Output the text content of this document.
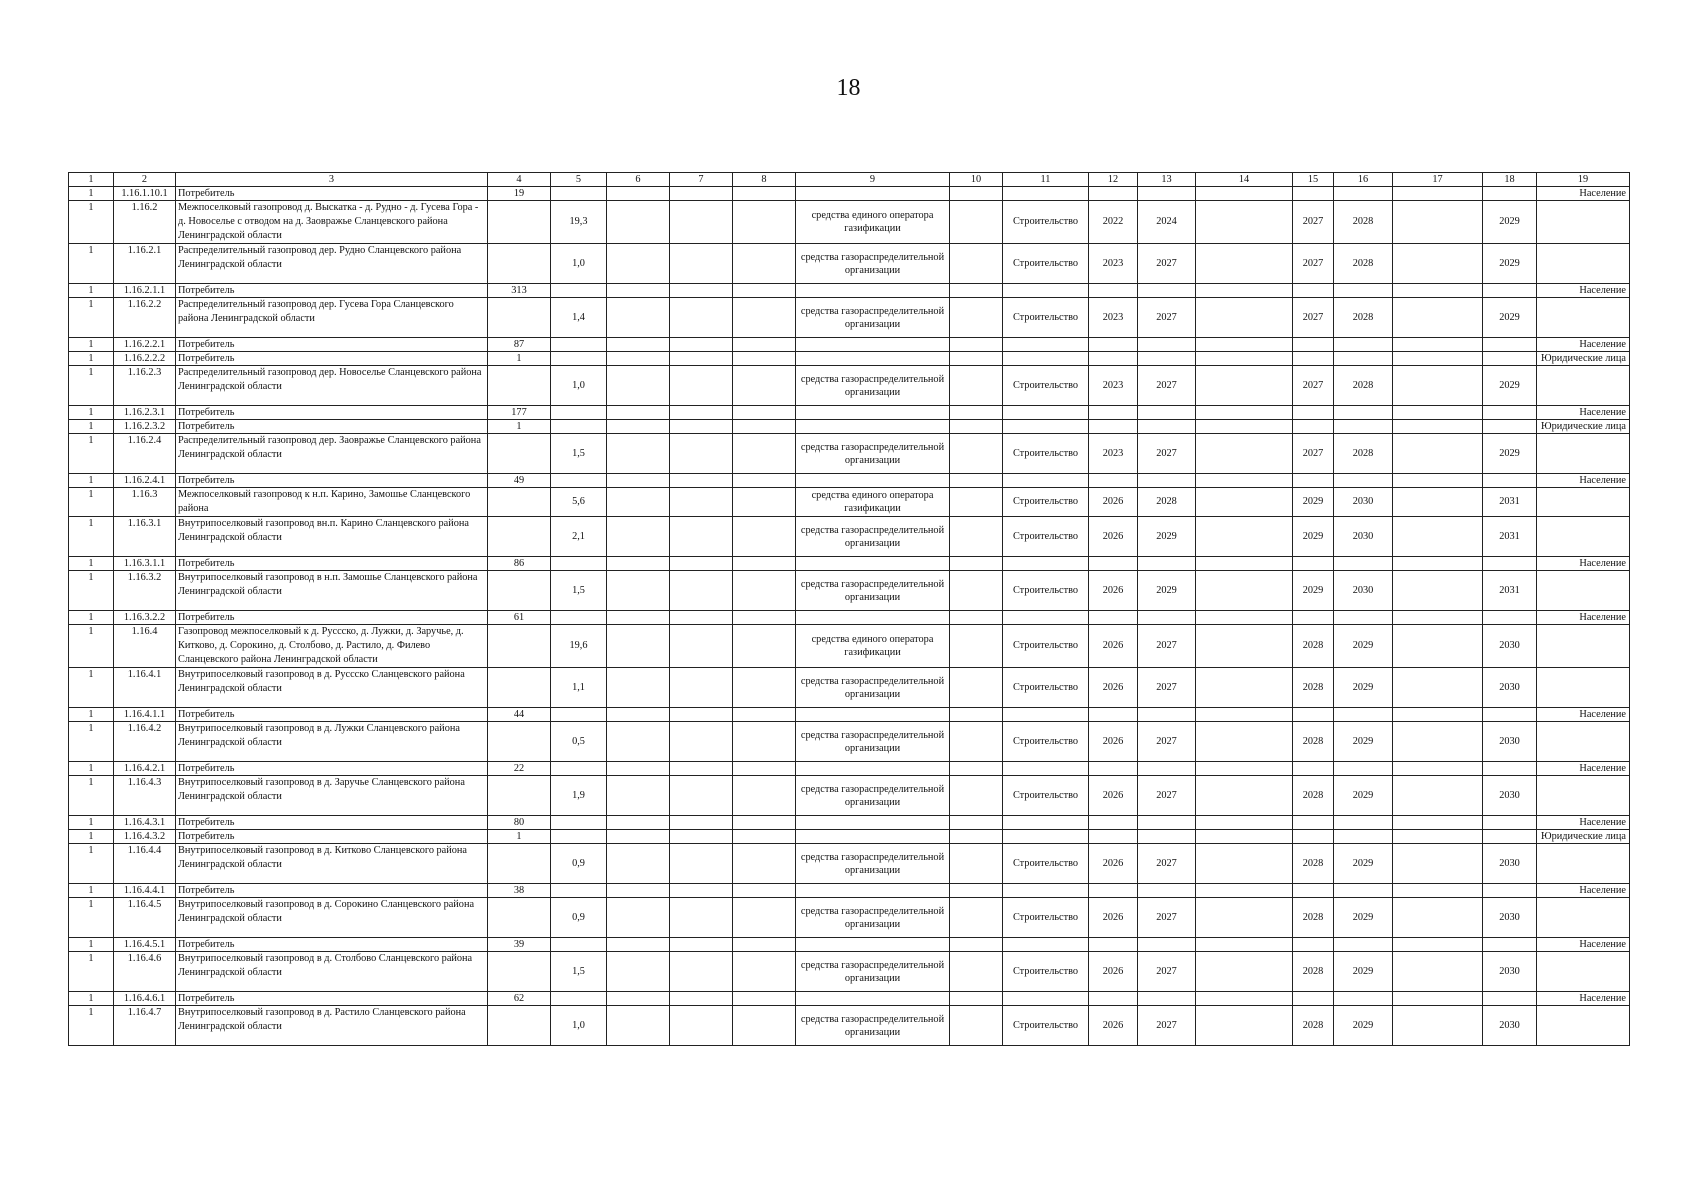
18
1	2	3	4	5	6	7	8	9	10	11	12	13	14	15	16	17	18	19
1	1.16.1.10.1	Потребитель	19															Население
1	1.16.2	Межпоселковый газопровод д. Выскатка - д. Рудно - д. Гусева Гора - д. Новоселье с отводом на д. Заовражье Сланцевского района Ленинградской области		19,3				средства единого оператора газификации		Строительство	2022	2024		2027	2028		2029	
1	1.16.2.1	Распределительный газопровод дер. Рудно Сланцевского района Ленинградской области		1,0				средства газораспределительной организации		Строительство	2023	2027		2027	2028		2029	
1	1.16.2.1.1	Потребитель	313															Население
1	1.16.2.2	Распределительный газопровод дер. Гусева Гора Сланцевского района Ленинградской области		1,4				средства газораспределительной организации		Строительство	2023	2027		2027	2028		2029	
1	1.16.2.2.1	Потребитель	87															Население
1	1.16.2.2.2	Потребитель	1															Юридические лица
1	1.16.2.3	Распределительный газопровод дер. Новоселье Сланцевского района Ленинградской области		1,0				средства газораспределительной организации		Строительство	2023	2027		2027	2028		2029	
1	1.16.2.3.1	Потребитель	177															Население
1	1.16.2.3.2	Потребитель	1															Юридические лица
1	1.16.2.4	Распределительный газопровод дер. Заовражье Сланцевского района Ленинградской области		1,5				средства газораспределительной организации		Строительство	2023	2027		2027	2028		2029	
1	1.16.2.4.1	Потребитель	49															Население
1	1.16.3	Межпоселковый газопровод к н.п. Карино, Замошье Сланцевского района		5,6				средства единого оператора газификации		Строительство	2026	2028		2029	2030		2031	
1	1.16.3.1	Внутрипоселковый газопровод вн.п. Карино Сланцевского района Ленинградской области		2,1				средства газораспределительной организации		Строительство	2026	2029		2029	2030		2031	
1	1.16.3.1.1	Потребитель	86															Население
1	1.16.3.2	Внутрипоселковый газопровод в н.п. Замошье Сланцевского района Ленинградской области		1,5				средства газораспределительной организации		Строительство	2026	2029		2029	2030		2031	
1	1.16.3.2.2	Потребитель	61															Население
1	1.16.4	Газопровод межпоселковый к д. Руссско, д. Лужки, д. Заручье, д. Китково, д. Сорокино, д. Столбово, д. Растило, д. Филево Сланцевского района Ленинградской области		19,6				средства единого оператора газификации		Строительство	2026	2027		2028	2029		2030	
1	1.16.4.1	Внутрипоселковый газопровод в д. Руссско Сланцевского района Ленинградской области		1,1				средства газораспределительной организации		Строительство	2026	2027		2028	2029		2030	
1	1.16.4.1.1	Потребитель	44															Население
1	1.16.4.2	Внутрипоселковый газопровод в д. Лужки Сланцевского района Ленинградской области		0,5				средства газораспределительной организации		Строительство	2026	2027		2028	2029		2030	
1	1.16.4.2.1	Потребитель	22															Население
1	1.16.4.3	Внутрипоселковый газопровод в д. Заручье Сланцевского района Ленинградской области		1,9				средства газораспределительной организации		Строительство	2026	2027		2028	2029		2030	
1	1.16.4.3.1	Потребитель	80															Население
1	1.16.4.3.2	Потребитель	1															Юридические лица
1	1.16.4.4	Внутрипоселковый газопровод в д. Китково Сланцевского района Ленинградской области		0,9				средства газораспределительной организации		Строительство	2026	2027		2028	2029		2030	
1	1.16.4.4.1	Потребитель	38															Население
1	1.16.4.5	Внутрипоселковый газопровод в д. Сорокино Сланцевского района Ленинградской области		0,9				средства газораспределительной организации		Строительство	2026	2027		2028	2029		2030	
1	1.16.4.5.1	Потребитель	39															Население
1	1.16.4.6	Внутрипоселковый газопровод в д. Столбово Сланцевского района Ленинградской области		1,5				средства газораспределительной организации		Строительство	2026	2027		2028	2029		2030	
1	1.16.4.6.1	Потребитель	62															Население
1	1.16.4.7	Внутрипоселковый газопровод в д. Растило Сланцевского района Ленинградской области		1,0				средства газораспределительной организации		Строительство	2026	2027		2028	2029		2030	
